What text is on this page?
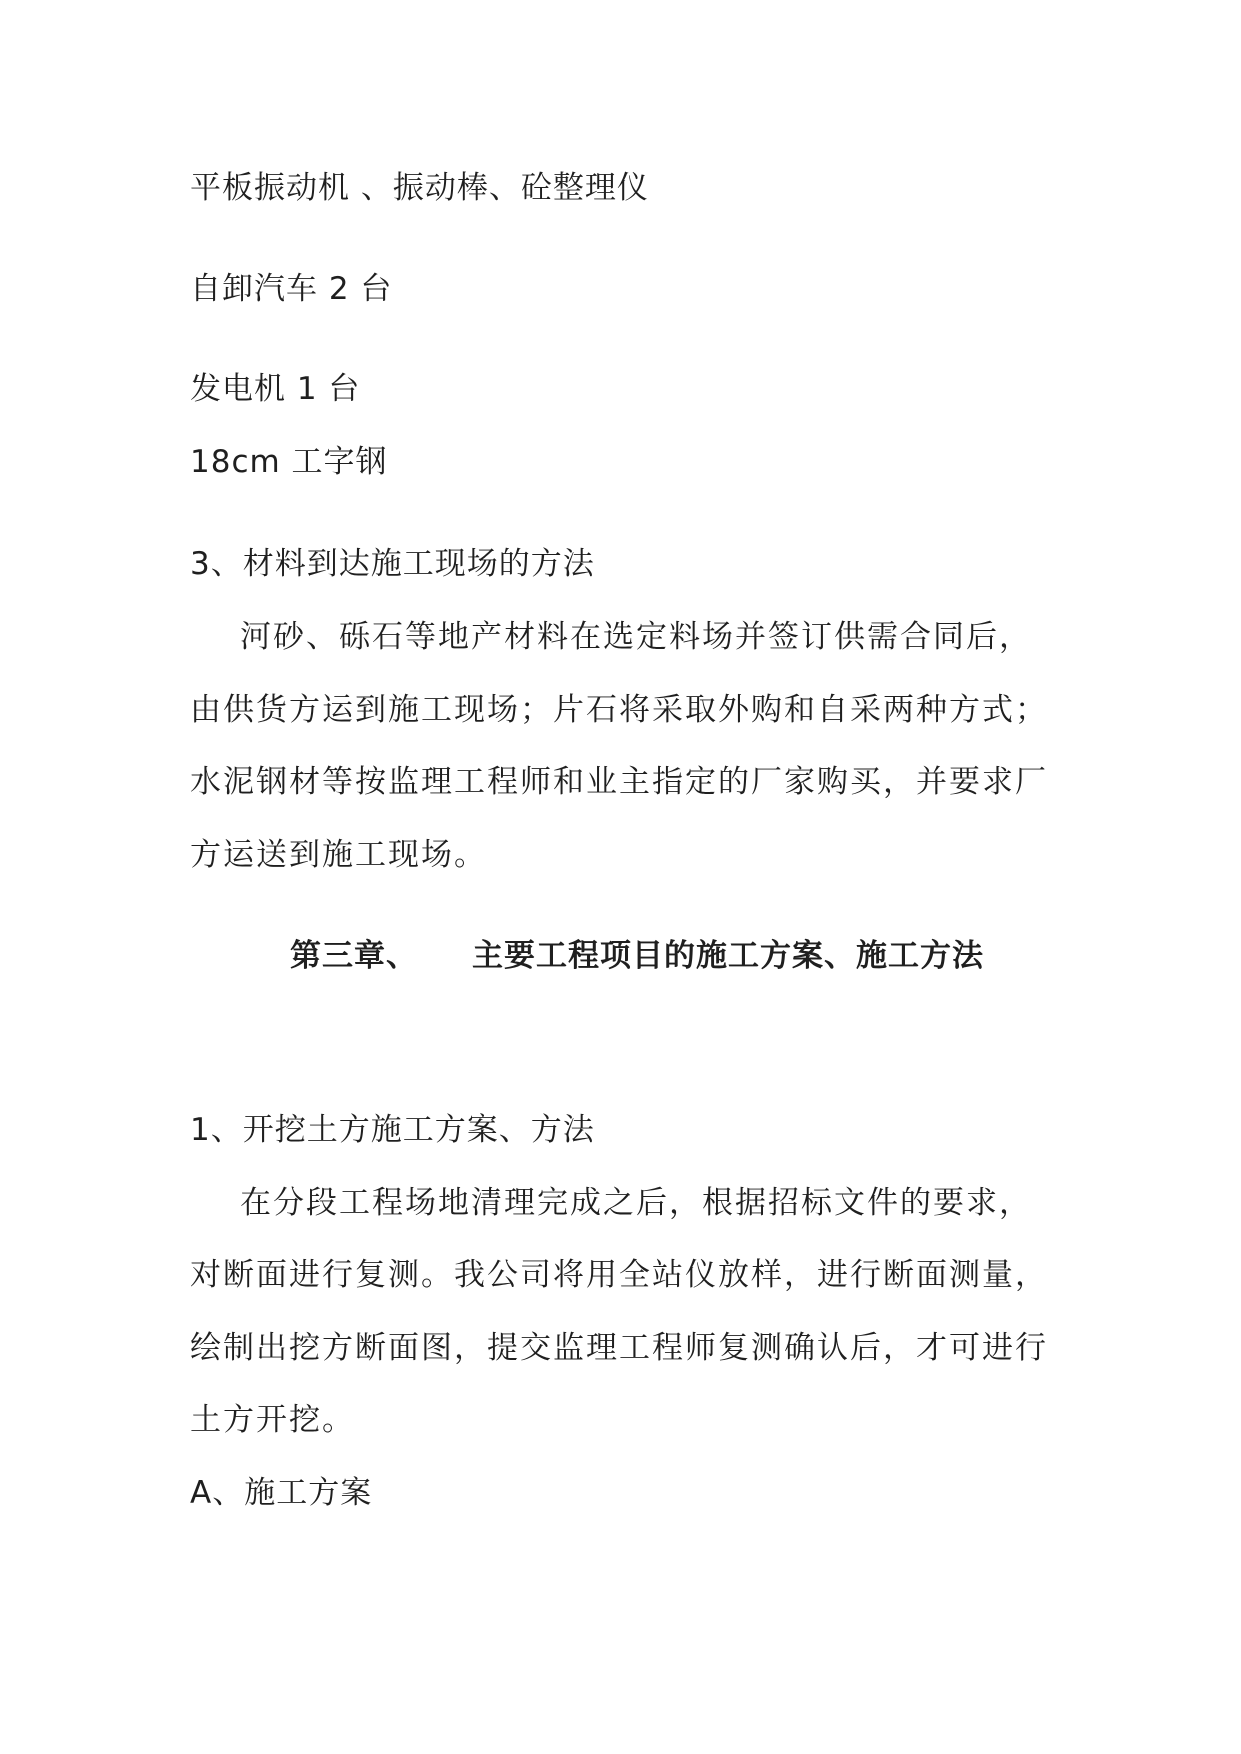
平板振动机 、振动棒、砼整理仪
自卸汽车 2 台
发电机 1 台
18cm 工字钢
3、材料到达施工现场的方法
河砂、砾石等地产材料在选定料场并签订供需合同后，
由供货方运到施工现场；片石将采取外购和自采两种方式；
水泥钢材等按监理工程师和业主指定的厂家购买，并要求厂
方运送到施工现场。
第三章、 主要工程项目的施工方案、施工方法
1、开挖土方施工方案、方法
在分段工程场地清理完成之后，根据招标文件的要求，
对断面进行复测。我公司将用全站仪放样，进行断面测量，
绘制出挖方断面图，提交监理工程师复测确认后，才可进行
土方开挖。
A、施工方案
